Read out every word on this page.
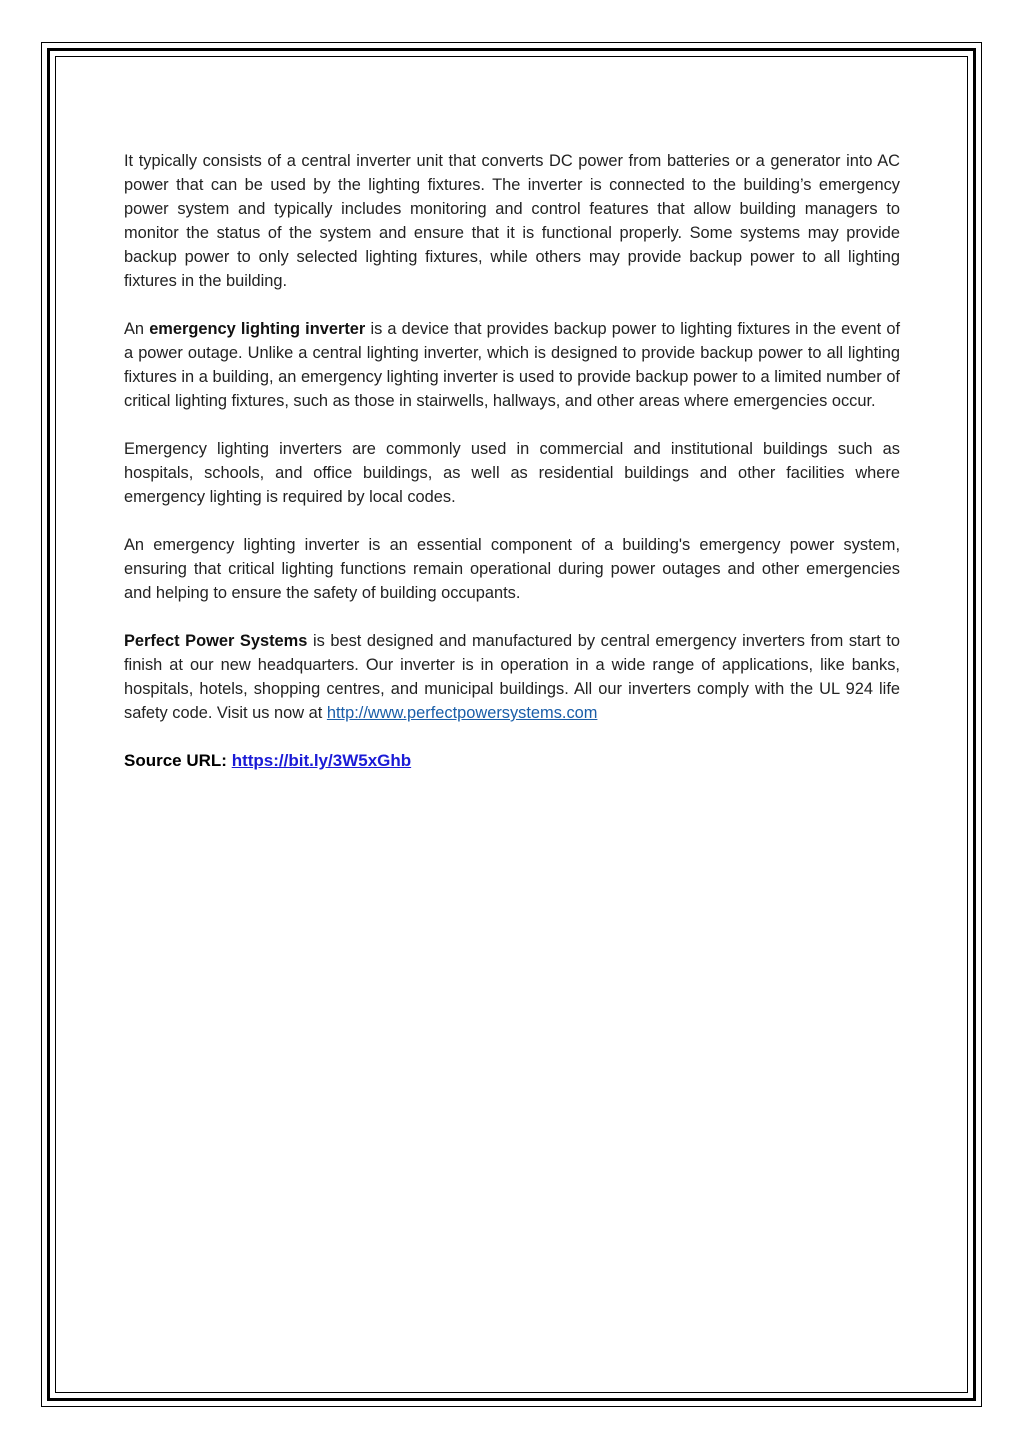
It typically consists of a central inverter unit that converts DC power from batteries or a generator into AC power that can be used by the lighting fixtures. The inverter is connected to the building’s emergency power system and typically includes monitoring and control features that allow building managers to monitor the status of the system and ensure that it is functional properly. Some systems may provide backup power to only selected lighting fixtures, while others may provide backup power to all lighting fixtures in the building.

An emergency lighting inverter is a device that provides backup power to lighting fixtures in the event of a power outage. Unlike a central lighting inverter, which is designed to provide backup power to all lighting fixtures in a building, an emergency lighting inverter is used to provide backup power to a limited number of critical lighting fixtures, such as those in stairwells, hallways, and other areas where emergencies occur.

Emergency lighting inverters are commonly used in commercial and institutional buildings such as hospitals, schools, and office buildings, as well as residential buildings and other facilities where emergency lighting is required by local codes.

An emergency lighting inverter is an essential component of a building's emergency power system, ensuring that critical lighting functions remain operational during power outages and other emergencies and helping to ensure the safety of building occupants.

Perfect Power Systems is best designed and manufactured by central emergency inverters from start to finish at our new headquarters. Our inverter is in operation in a wide range of applications, like banks, hospitals, hotels, shopping centres, and municipal buildings. All our inverters comply with the UL 924 life safety code. Visit us now at http://www.perfectpowersystems.com

Source URL: https://bit.ly/3W5xGhb
